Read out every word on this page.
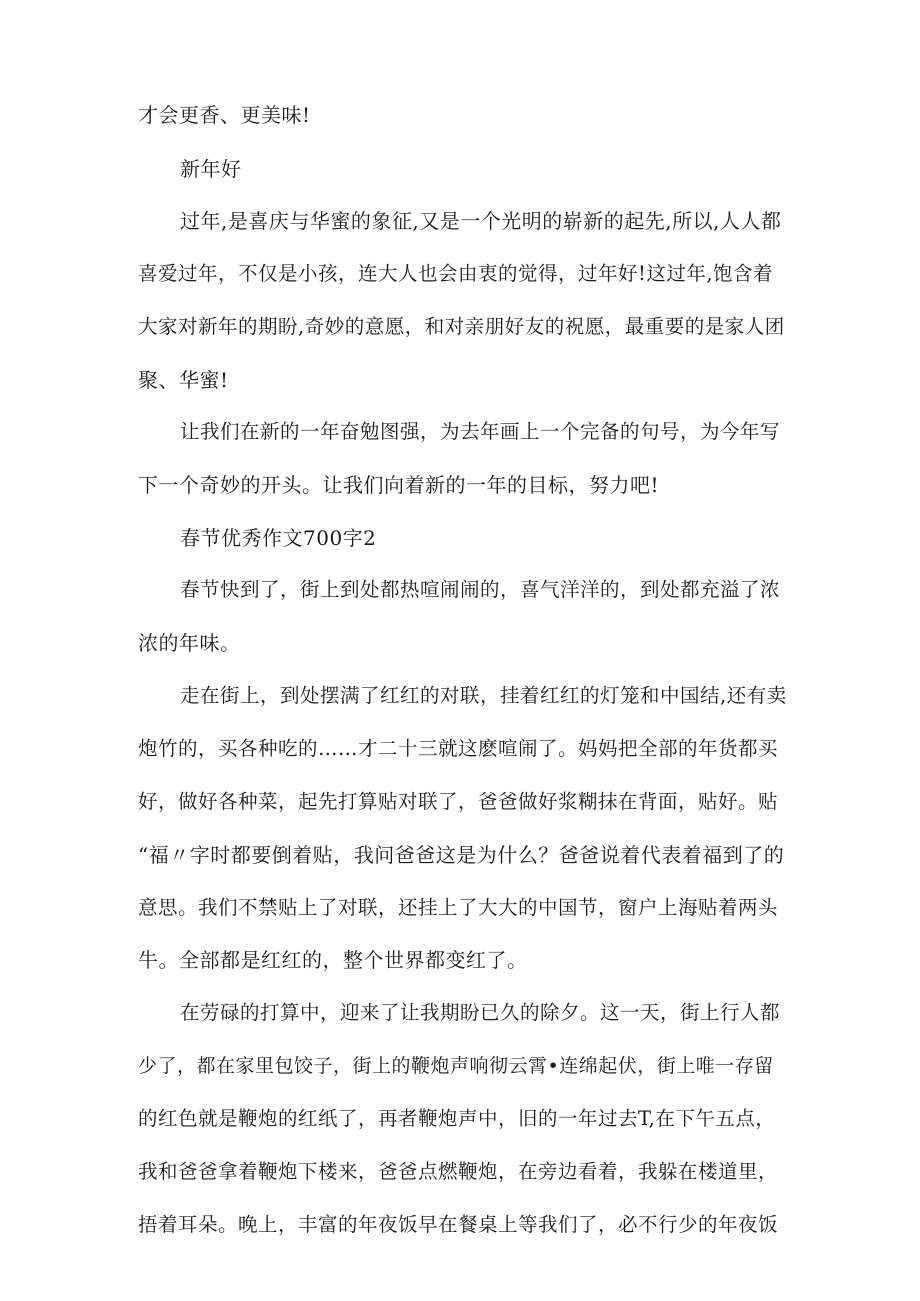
才会更香、更美味!
新年好
过年,是喜庆与华蜜的象征,又是一个光明的崭新的起先,所以,人人都
喜爱过年，不仅是小孩，连大人也会由衷的觉得，过年好!这过年,饱含着
大家对新年的期盼,奇妙的意愿，和对亲朋好友的祝愿，最重要的是家人团
聚、华蜜!
让我们在新的一年奋勉图强，为去年画上一个完备的句号，为今年写
下一个奇妙的开头。让我们向着新的一年的目标，努力吧!
春节优秀作文700字2
春节快到了，街上到处都热喧闹闹的，喜气洋洋的，到处都充溢了浓
浓的年味。
走在街上，到处摆满了红红的对联，挂着红红的灯笼和中国结,还有卖
炮竹的，买各种吃的……才二十三就这麽喧闹了。妈妈把全部的年货都买
好，做好各种菜，起先打算贴对联了，爸爸做好浆糊抹在背面，贴好。贴
“福〃字时都要倒着贴，我问爸爸这是为什么？爸爸说着代表着福到了的
意思。我们不禁贴上了对联，还挂上了大大的中国节，窗户上海贴着两头
牛。全部都是红红的，整个世界都变红了。
在劳碌的打算中，迎来了让我期盼已久的除夕。这一天，街上行人都
少了，都在家里包饺子，街上的鞭炮声响彻云霄•连绵起伏，街上唯一存留
的红色就是鞭炮的红纸了，再者鞭炮声中，旧的一年过去T,在下午五点，
我和爸爸拿着鞭炮下楼来，爸爸点燃鞭炮，在旁边看着，我躲在楼道里，
捂着耳朵。晚上，丰富的年夜饭早在餐桌上等我们了，必不行少的年夜饭
